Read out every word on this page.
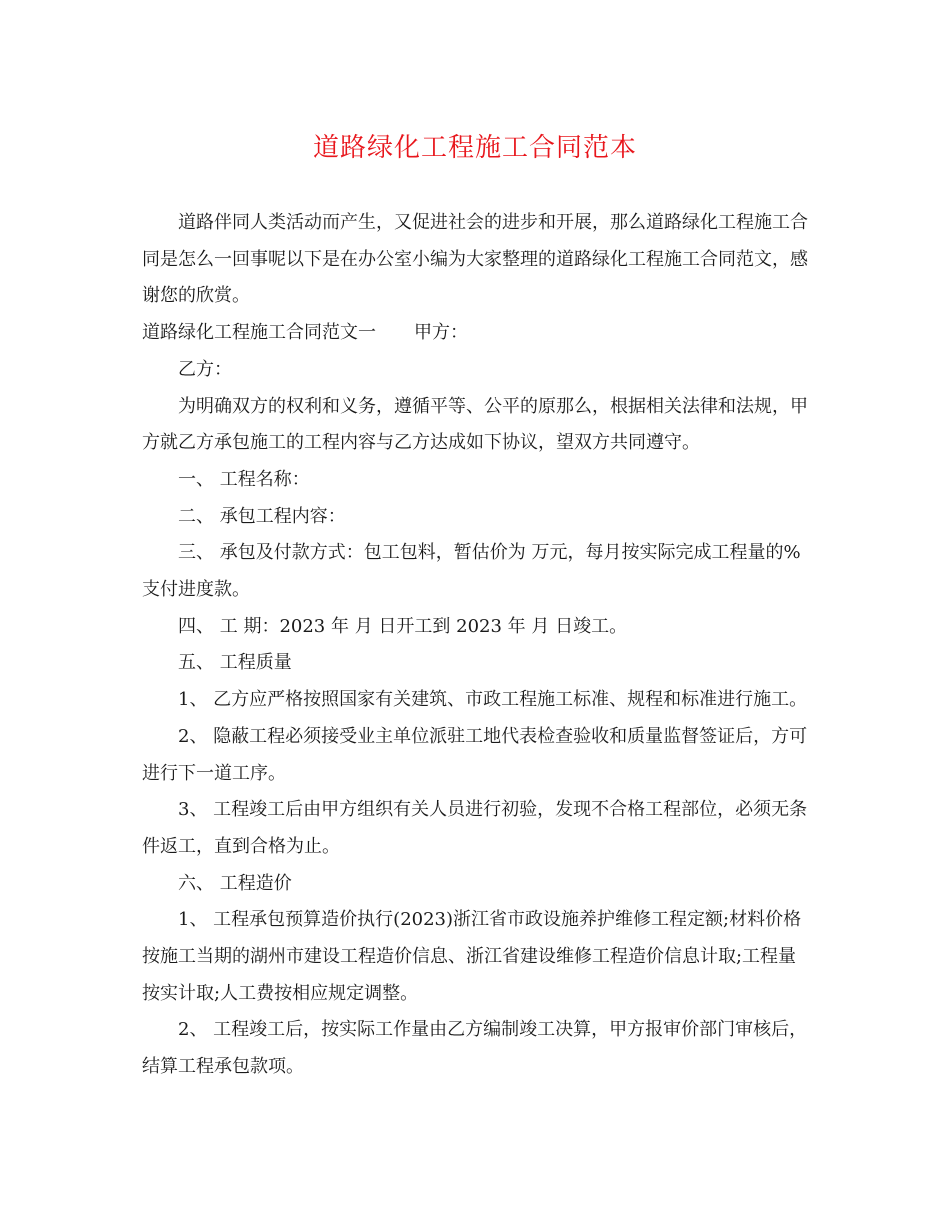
道路绿化工程施工合同范本

道路伴同人类活动而产生，又促进社会的进步和开展，那么道路绿化工程施工合同是怎么一回事呢以下是在办公室小编为大家整理的道路绿化工程施工合同范文，感谢您的欣赏。

道路绿化工程施工合同范文一 甲方：

乙方：

为明确双方的权利和义务，遵循平等、公平的原那么，根据相关法律和法规，甲方就乙方承包施工的工程内容与乙方达成如下协议，望双方共同遵守。

一、 工程名称：

二、 承包工程内容：

三、 承包及付款方式：包工包料，暂估价为 万元，每月按实际完成工程量的%支付进度款。

四、 工 期：2023 年 月 日开工到 2023 年 月 日竣工。

五、 工程质量

1、 乙方应严格按照国家有关建筑、市政工程施工标准、规程和标准进行施工。

2、 隐蔽工程必须接受业主单位派驻工地代表检查验收和质量监督签证后，方可进行下一道工序。

3、 工程竣工后由甲方组织有关人员进行初验，发现不合格工程部位，必须无条件返工，直到合格为止。

六、 工程造价

1、 工程承包预算造价执行(2023)浙江省市政设施养护维修工程定额;材料价格按施工当期的湖州市建设工程造价信息、浙江省建设维修工程造价信息计取;工程量按实计取;人工费按相应规定调整。

2、 工程竣工后，按实际工作量由乙方编制竣工决算，甲方报审价部门审核后，结算工程承包款项。
